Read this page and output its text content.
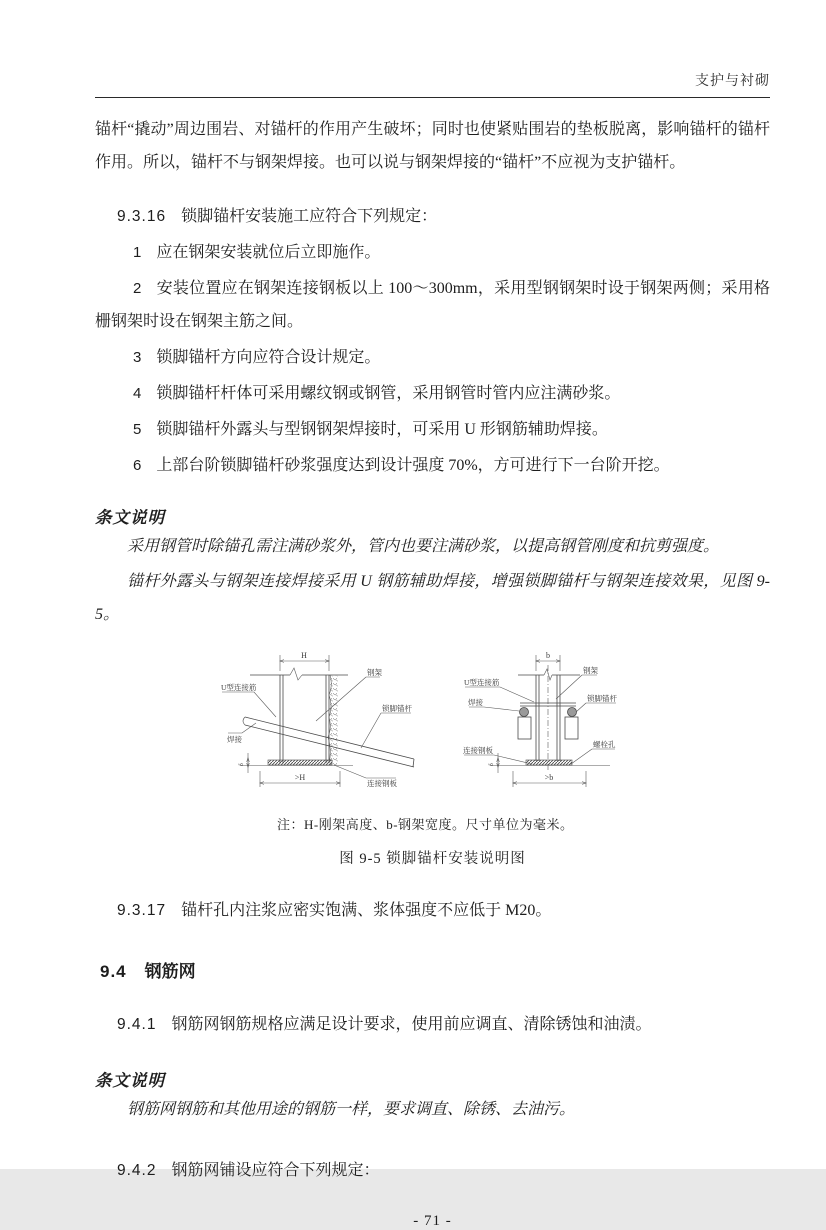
支护与衬砌

锚杆“撬动”周边围岩、对锚杆的作用产生破坏；同时也使紧贴围岩的垫板脱离，影响锚杆的锚杆作用。所以，锚杆不与钢架焊接。也可以说与钢架焊接的“锚杆”不应视为支护锚杆。

9.3.16 锁脚锚杆安装施工应符合下列规定：

1 应在钢架安装就位后立即施作。

2 安装位置应在钢架连接钢板以上 100～300mm，采用型钢钢架时设于钢架两侧；采用格栅钢架时设在钢架主筋之间。

3 锁脚锚杆方向应符合设计规定。

4 锁脚锚杆杆体可采用螺纹钢或钢管，采用钢管时管内应注满砂浆。

5 锁脚锚杆外露头与型钢钢架焊接时，可采用 U 形钢筋辅助焊接。

6 上部台阶锁脚锚杆砂浆强度达到设计强度 70%，方可进行下一台阶开挖。

条文说明

采用钢管时除锚孔需注满砂浆外，管内也要注满砂浆，以提高钢管刚度和抗剪强度。

锚杆外露头与钢架连接焊接采用 U 钢筋辅助焊接，增强锁脚锚杆与钢架连接效果，见图 9-5。

H
δ
>H
U型连接筋
焊接
钢架
锁脚锚杆
连接钢板
b
δ
>b
U型连接筋
焊接
连接钢板
钢架
锁脚锚杆
螺栓孔

注：H-刚架高度、b-钢架宽度。尺寸单位为毫米。

图 9-5 锁脚锚杆安装说明图

9.3.17 锚杆孔内注浆应密实饱满、浆体强度不应低于 M20。

9.4 钢筋网

9.4.1 钢筋网钢筋规格应满足设计要求，使用前应调直、清除锈蚀和油渍。

条文说明

钢筋网钢筋和其他用途的钢筋一样，要求调直、除锈、去油污。

9.4.2 钢筋网铺设应符合下列规定：

- 71 -
